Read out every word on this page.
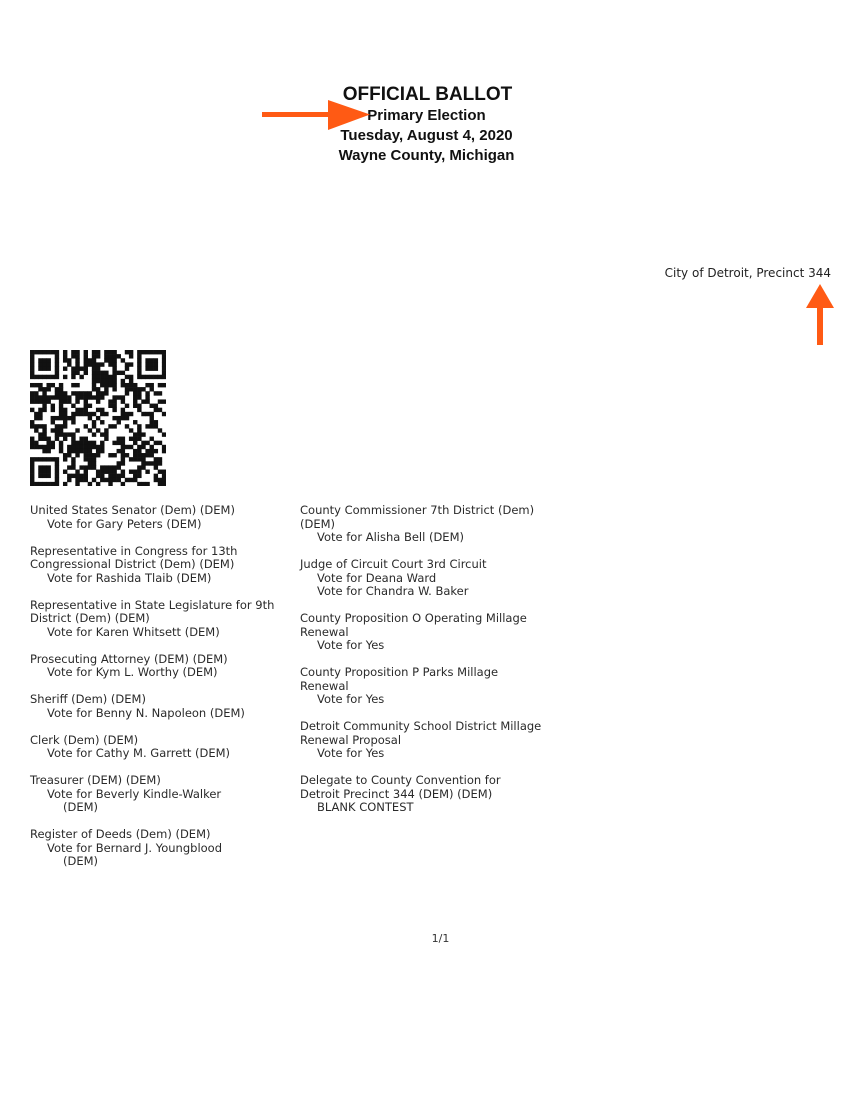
OFFICIAL BALLOT
Primary Election
Tuesday, August 4, 2020
Wayne County, Michigan
City of Detroit, Precinct 344
United States Senator (Dem) (DEM)
Vote for Gary Peters (DEM)
Representative in Congress for 13th
Congressional District (Dem) (DEM)
Vote for Rashida Tlaib (DEM)
Representative in State Legislature for 9th
District (Dem) (DEM)
Vote for Karen Whitsett (DEM)
Prosecuting Attorney (DEM) (DEM)
Vote for Kym L. Worthy (DEM)
Sheriff (Dem) (DEM)
Vote for Benny N. Napoleon (DEM)
Clerk (Dem) (DEM)
Vote for Cathy M. Garrett (DEM)
Treasurer (DEM) (DEM)
Vote for Beverly Kindle-Walker
(DEM)
Register of Deeds (Dem) (DEM)
Vote for Bernard J. Youngblood
(DEM)
County Commissioner 7th District (Dem)
(DEM)
Vote for Alisha Bell (DEM)
Judge of Circuit Court 3rd Circuit
Vote for Deana Ward
Vote for Chandra W. Baker
County Proposition O Operating Millage
Renewal
Vote for Yes
County Proposition P Parks Millage
Renewal
Vote for Yes
Detroit Community School District Millage
Renewal Proposal
Vote for Yes
Delegate to County Convention for
Detroit Precinct 344 (DEM) (DEM)
BLANK CONTEST
1/1
